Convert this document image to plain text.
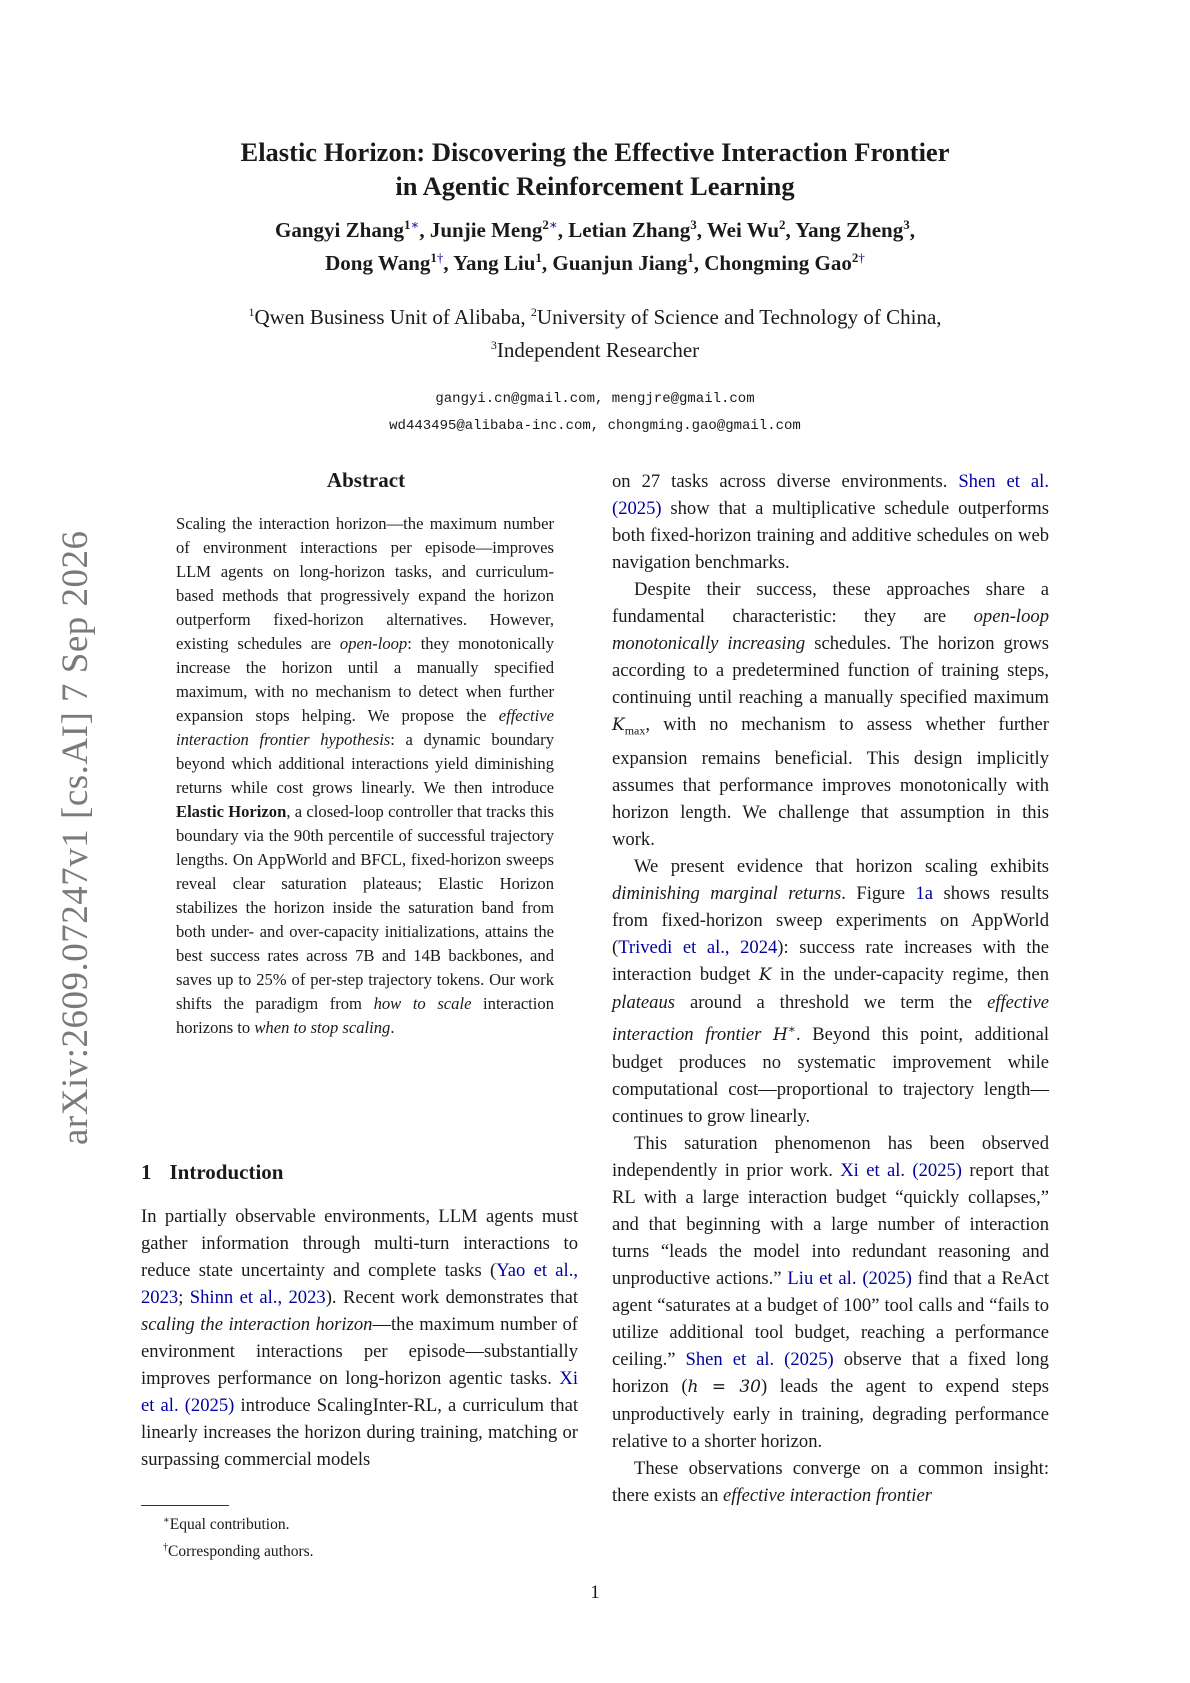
arXiv:2609.07247v1 [cs.AI] 7 Sep 2026
Elastic Horizon: Discovering the Effective Interaction Frontier
in Agentic Reinforcement Learning
Gangyi Zhang$^{1∗}$, Junjie Meng$^{2∗}$, Letian Zhang$^3$, Wei Wu$^2$, Yang Zheng$^3$,
Dong Wang$^{1\dagger}$, Yang Liu$^1$, Guanjun Jiang$^1$, Chongming Gao$^{2\dagger}$
$^1$Qwen Business Unit of Alibaba, $^2$University of Science and Technology of China,
$^3$Independent Researcher
gangyi.cn@gmail.com, mengjre@gmail.com
wd443495@alibaba-inc.com, chongming.gao@gmail.com
Abstract
Scaling the interaction horizon—the maximum number of environment interactions per episode—improves LLM agents on long-horizon tasks, and curriculum-based methods that progressively expand the horizon outperform fixed-horizon alternatives. However, existing schedules are open-loop: they monotonically increase the horizon until a manually specified maximum, with no mechanism to detect when further expansion stops helping. We propose the effective interaction frontier hypothesis: a dynamic boundary beyond which additional interactions yield diminishing returns while cost grows linearly. We then introduce Elastic Horizon, a closed-loop controller that tracks this boundary via the 90th percentile of successful trajectory lengths. On AppWorld and BFCL, fixed-horizon sweeps reveal clear saturation plateaus; Elastic Horizon stabilizes the horizon inside the saturation band from both under- and over-capacity initializations, attains the best success rates across 7B and 14B backbones, and saves up to 25% of per-step trajectory tokens. Our work shifts the paradigm from how to scale interaction horizons to when to stop scaling.
1 Introduction

In partially observable environments, LLM agents must gather information through multi-turn interactions to reduce state uncertainty and complete tasks (Yao et al., 2023; Shinn et al., 2023). Recent work demonstrates that scaling the interaction horizon—the maximum number of environment interactions per episode—substantially improves performance on long-horizon agentic tasks. Xi et al. (2025) introduce ScalingInter-RL, a curriculum that linearly increases the horizon during training, matching or surpassing commercial models

on 27 tasks across diverse environments. Shen et al. (2025) show that a multiplicative schedule outperforms both fixed-horizon training and additive schedules on web navigation benchmarks.

Despite their success, these approaches share a fundamental characteristic: they are open-loop monotonically increasing schedules. The horizon grows according to a predetermined function of training steps, continuing until reaching a manually specified maximum $K_{max}$, with no mechanism to assess whether further expansion remains beneficial. This design implicitly assumes that performance improves monotonically with horizon length. We challenge that assumption in this work.

We present evidence that horizon scaling exhibits diminishing marginal returns. Figure 1a shows results from fixed-horizon sweep experiments on AppWorld (Trivedi et al., 2024): success rate increases with the interaction budget K in the under-capacity regime, then plateaus around a threshold we term the effective interaction frontier H∗. Beyond this point, additional budget produces no systematic improvement while computational cost—proportional to trajectory length—continues to grow linearly.

This saturation phenomenon has been observed independently in prior work. Xi et al. (2025) report that RL with a large interaction budget “quickly collapses,” and that beginning with a large number of interaction turns “leads the model into redundant reasoning and unproductive actions.” Liu et al. (2025) find that a ReAct agent “saturates at a budget of 100” tool calls and “fails to utilize additional tool budget, reaching a performance ceiling.” Shen et al. (2025) observe that a fixed long horizon (h = 30) leads the agent to expend steps unproductively early in training, degrading performance relative to a shorter horizon.

These observations converge on a common insight: there exists an effective interaction frontier

∗Equal contribution.
†Corresponding authors.
1
